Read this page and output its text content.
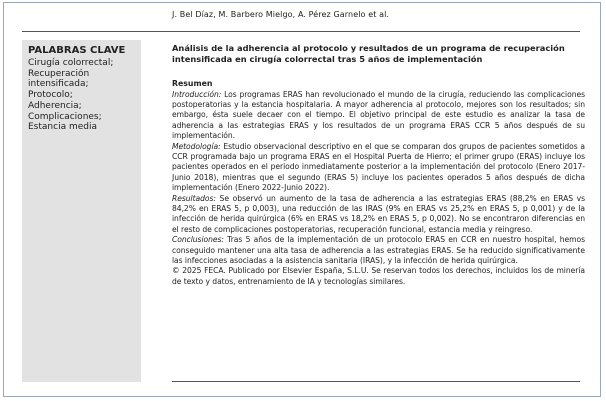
J. Bel Díaz, M. Barbero Mielgo, A. Pérez Garnelo et al.
PALABRAS CLAVE
Cirugía colorrectal;
Recuperación
intensificada;
Protocolo;
Adherencia;
Complicaciones;
Estancia media
Análisis de la adherencia al protocolo y resultados de un programa de recuperación intensificada en cirugía colorrectal tras 5 años de implementación
Resumen

Introducción: Los programas ERAS han revolucionado el mundo de la cirugía, reduciendo las complicaciones postoperatorias y la estancia hospitalaria. A mayor adherencia al protocolo, mejores son los resultados; sin embargo, ésta suele decaer con el tiempo. El objetivo principal de este estudio es analizar la tasa de adherencia a las estrategias ERAS y los resultados de un programa ERAS CCR 5 años después de su implementación.

Metodología: Estudio observacional descriptivo en el que se comparan dos grupos de pacientes sometidos a CCR programada bajo un programa ERAS en el Hospital Puerta de Hierro; el primer grupo (ERAS) incluye los pacientes operados en el periodo inmediatamente posterior a la implementación del protocolo (Enero 2017-Junio 2018), mientras que el segundo (ERAS 5) incluye los pacientes operados 5 años después de dicha implementación (Enero 2022-Junio 2022).

Resultados: Se observó un aumento de la tasa de adherencia a las estrategias ERAS (88,2% en ERAS vs 84,2% en ERAS 5, p 0,003), una reducción de las IRAS (9% en ERAS vs 25,2% en ERAS 5, p 0,001) y de la infección de herida quirúrgica (6% en ERAS vs 18,2% en ERAS 5, p 0,002). No se encontraron diferencias en el resto de complicaciones postoperatorias, recuperación funcional, estancia media y reingreso.

Conclusiones: Tras 5 años de la implementación de un protocolo ERAS en CCR en nuestro hospital, hemos conseguido mantener una alta tasa de adherencia a las estrategias ERAS. Se ha reducido significativamente las infecciones asociadas a la asistencia sanitaria (IRAS), y la infección de herida quirúrgica.

© 2025 FECA. Publicado por Elsevier España, S.L.U. Se reservan todos los derechos, incluidos los de minería de texto y datos, entrenamiento de IA y tecnologías similares.
